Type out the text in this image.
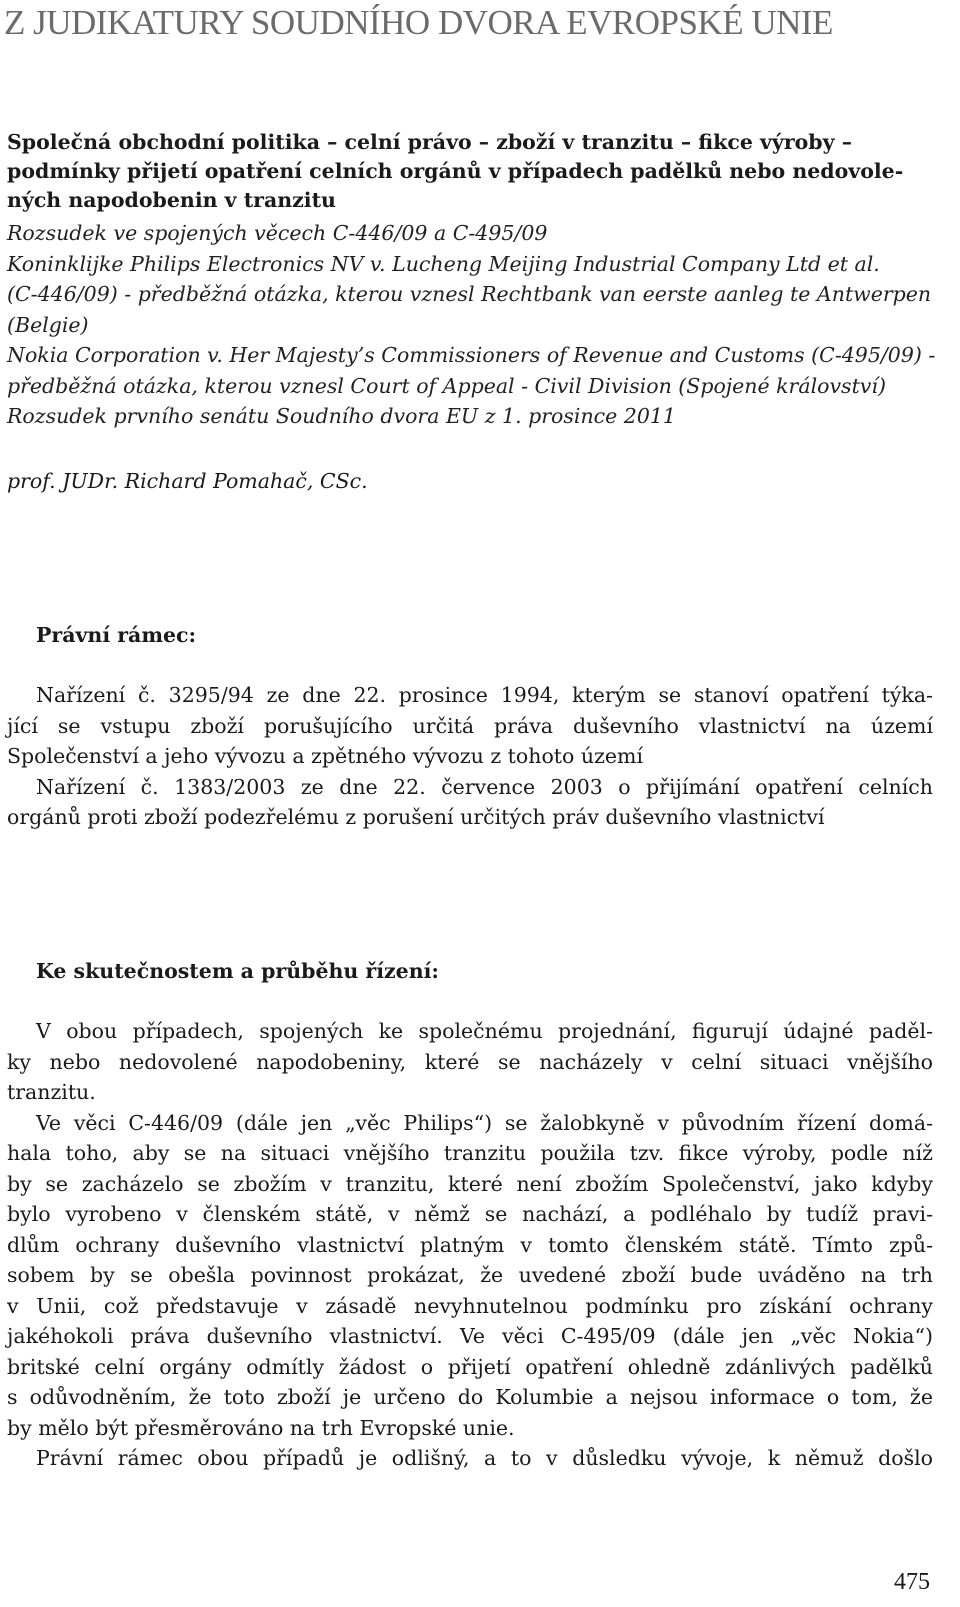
Z JUDIKATURY SOUDNÍHO DVORA EVROPSKÉ UNIE
Společná obchodní politika – celní právo – zboží v tranzitu – fikce výroby –
podmínky přijetí opatření celních orgánů v případech padělků nebo nedovole-
ných napodobenin v tranzitu
Rozsudek ve spojených věcech C-446/09 a C-495/09
Koninklijke Philips Electronics NV v. Lucheng Meijing Industrial Company Ltd et al.
(C-446/09) - předběžná otázka, kterou vznesl Rechtbank van eerste aanleg te Antwerpen
(Belgie)
Nokia Corporation v. Her Majesty’s Commissioners of Revenue and Customs (C-495/09) -
předběžná otázka, kterou vznesl Court of Appeal - Civil Division (Spojené království)
Rozsudek prvního senátu Soudního dvora EU z 1. prosince 2011
prof. JUDr. Richard Pomahač, CSc.
Právní rámec:
Nařízení č. 3295/94 ze dne 22. prosince 1994, kterým se stanoví opatření týka-
jící se vstupu zboží porušujícího určitá práva duševního vlastnictví na území
Společenství a jeho vývozu a zpětného vývozu z tohoto území
Nařízení č. 1383/2003 ze dne 22. července 2003 o přijímání opatření celních
orgánů proti zboží podezřelému z porušení určitých práv duševního vlastnictví
Ke skutečnostem a průběhu řízení:
V obou případech, spojených ke společnému projednání, figurují údajné paděl-
ky nebo nedovolené napodobeniny, které se nacházely v celní situaci vnějšího
tranzitu.
Ve věci C-446/09 (dále jen „věc Philips“) se žalobkyně v původním řízení domá-
hala toho, aby se na situaci vnějšího tranzitu použila tzv. fikce výroby, podle níž
by se zacházelo se zbožím v tranzitu, které není zbožím Společenství, jako kdyby
bylo vyrobeno v členském státě, v němž se nachází, a podléhalo by tudíž pravi-
dlům ochrany duševního vlastnictví platným v tomto členském státě. Tímto způ-
sobem by se obešla povinnost prokázat, že uvedené zboží bude uváděno na trh
v Unii, což představuje v zásadě nevyhnutelnou podmínku pro získání ochrany
jakéhokoli práva duševního vlastnictví. Ve věci C-495/09 (dále jen „věc Nokia“)
britské celní orgány odmítly žádost o přijetí opatření ohledně zdánlivých padělků
s odůvodněním, že toto zboží je určeno do Kolumbie a nejsou informace o tom, že
by mělo být přesměrováno na trh Evropské unie.
Právní rámec obou případů je odlišný, a to v důsledku vývoje, k němuž došlo
475
